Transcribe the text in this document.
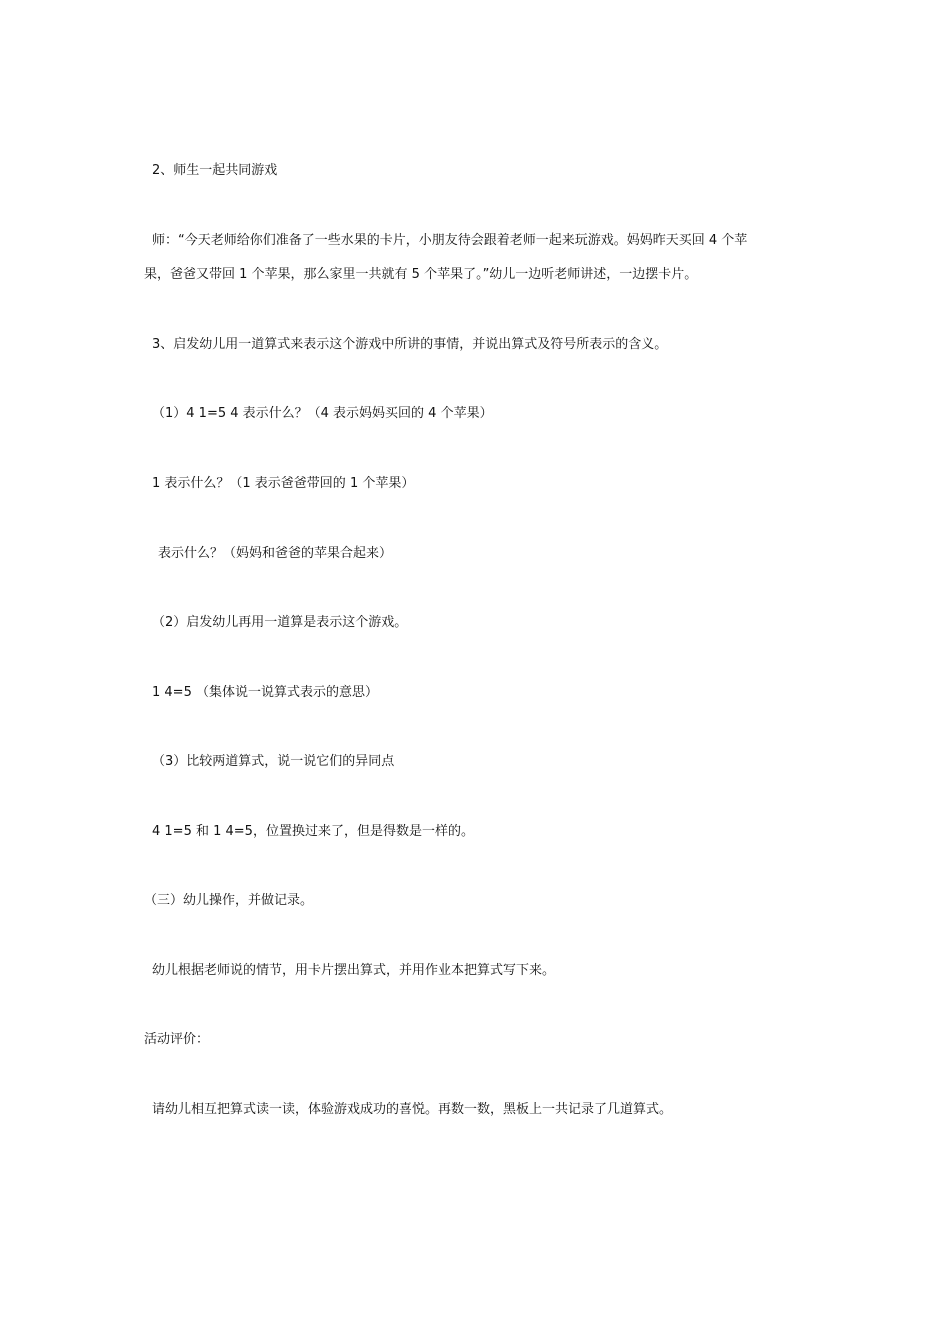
2、师生一起共同游戏
师：“今天老师给你们准备了一些水果的卡片，小朋友待会跟着老师一起来玩游戏。妈妈昨天买回 4 个苹
果，爸爸又带回 1 个苹果，那么家里一共就有 5 个苹果了。”幼儿一边听老师讲述，一边摆卡片。
3、启发幼儿用一道算式来表示这个游戏中所讲的事情，并说出算式及符号所表示的含义。
（1）4 1=5 4 表示什么？（4 表示妈妈买回的 4 个苹果）
1 表示什么？（1 表示爸爸带回的 1 个苹果）
表示什么？（妈妈和爸爸的苹果合起来）
（2）启发幼儿再用一道算是表示这个游戏。
1 4=5 （集体说一说算式表示的意思）
（3）比较两道算式，说一说它们的异同点
4 1=5 和 1 4=5，位置换过来了，但是得数是一样的。
（三）幼儿操作，并做记录。
幼儿根据老师说的情节，用卡片摆出算式，并用作业本把算式写下来。
活动评价：
请幼儿相互把算式读一读，体验游戏成功的喜悦。再数一数，黑板上一共记录了几道算式。
